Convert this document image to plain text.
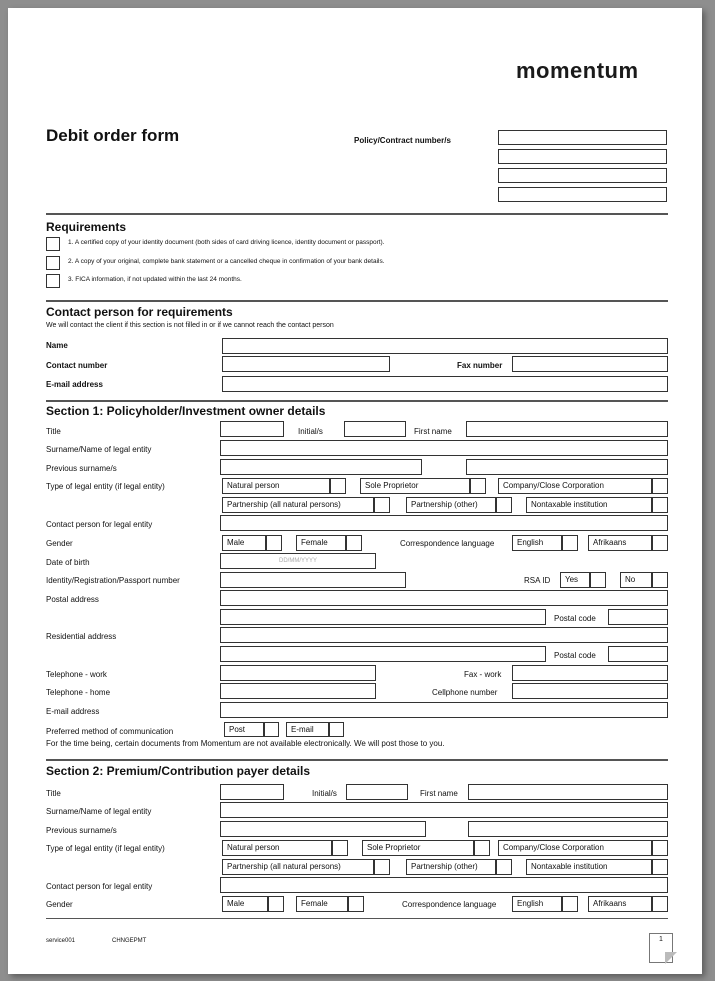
momentum
Debit order form	Policy/Contract number/s
Requirements
1. A certified copy of your identity document (both sides of card driving licence, identity document or passport).
2. A copy of your original, complete bank statement or a cancelled cheque in confirmation of your bank details.
3. FICA information, if not updated within the last 24 months.
Contact person for requirements
We will contact the client if this section is not filled in or if we cannot reach the contact person
Name
Contact number	Fax number
E-mail address
Section 1: Policyholder/Investment owner details
Title	Initial/s	First name
Surname/Name of legal entity
Previous surname/s
Type of legal entity (if legal entity)	Natural person	Sole Proprietor	Company/Close Corporation
Partnership (all natural persons)	Partnership (other)	Nontaxable institution
Contact person for legal entity
Gender	Male	Female	Correspondence language	English	Afrikaans
Date of birth	DD/MM/YYYY
Identity/Registration/Passport number	RSA ID	Yes	No
Postal address
Postal code
Residential address
Postal code
Telephone - work	Fax - work
Telephone - home	Cellphone number
E-mail address
Preferred method of communication	Post	E-mail
For the time being, certain documents from Momentum are not available electronically. We will post those to you.
Section 2: Premium/Contribution payer details
Title	Initial/s	First name
Surname/Name of legal entity
Previous surname/s
Type of legal entity (if legal entity)	Natural person	Sole Proprietor	Company/Close Corporation
Partnership (all natural persons)	Partnership (other)	Nontaxable institution
Contact person for legal entity
Gender	Male	Female	Correspondence language	English	Afrikaans
service001	CHNGEPMT	1
